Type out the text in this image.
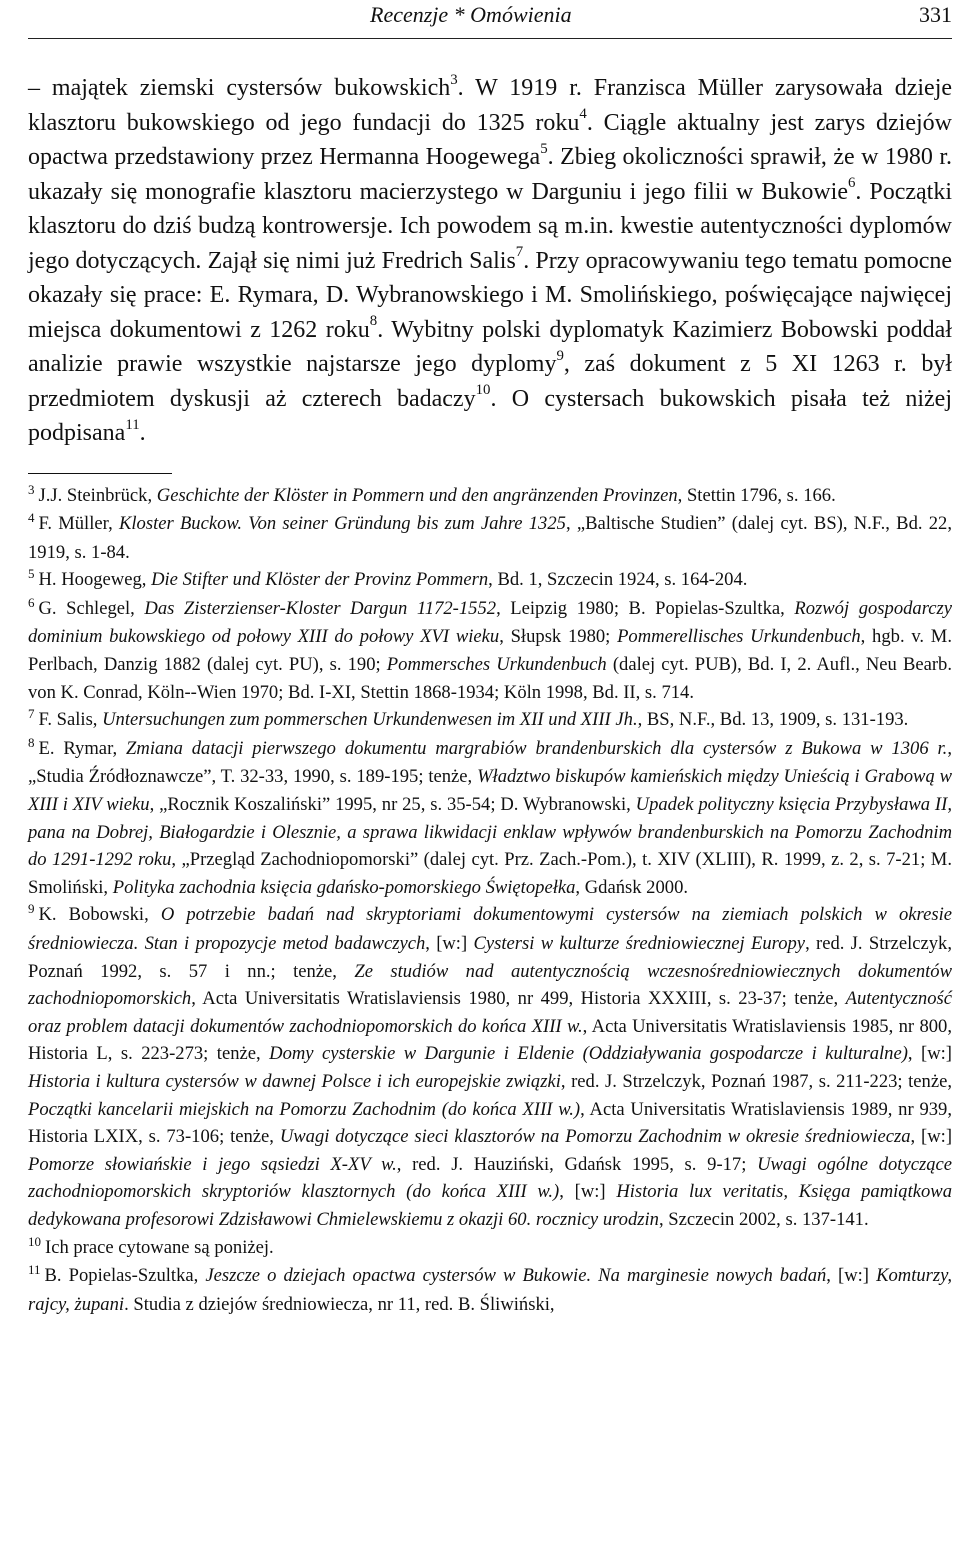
Recenzje * Omówienia	331

– majątek ziemski cystersów bukowskich$^3$. W 1919 r. Franzisca Müller zarysowała dzieje klasztoru bukowskiego od jego fundacji do 1325 roku$^4$. Ciągle aktualny jest zarys dziejów opactwa przedstawiony przez Hermanna Hoogewega$^5$. Zbieg okoliczności sprawił, że w 1980 r. ukazały się monografie klasztoru macierzystego w Darguniu i jego filii w Bukowie$^6$. Początki klasztoru do dziś budzą kontrowersje. Ich powodem są m.in. kwestie autentyczności dyplomów jego dotyczących. Zajął się nimi już Fredrich Salis$^7$. Przy opracowywaniu tego tematu pomocne okazały się prace: E. Rymara, D. Wybranowskiego i M. Smolińskiego, poświęcające najwięcej miejsca dokumentowi z 1262 roku$^8$. Wybitny polski dyplomatyk Kazimierz Bobowski poddał analizie prawie wszystkie najstarsze jego dyplomy$^9$, zaś dokument z 5 XI 1263 r. był przedmiotem dyskusji aż czterech badaczy$^{10}$. O cystersach bukowskich pisała też niżej podpisana$^{11}$.

$^3$ J.J. Steinbrück, Geschichte der Klöster in Pommern und den angränzenden Provinzen, Stettin 1796, s. 166.
$^4$ F. Müller, Kloster Buckow. Von seiner Gründung bis zum Jahre 1325, „Baltische Studien” (dalej cyt. BS), N.F., Bd. 22, 1919, s. 1-84.
$^5$ H. Hoogeweg, Die Stifter und Klöster der Provinz Pommern, Bd. 1, Szczecin 1924, s. 164-204.
$^6$ G. Schlegel, Das Zisterzienser-Kloster Dargun 1172-1552, Leipzig 1980; B. Popielas-Szultka, Rozwój gospodarczy dominium bukowskiego od połowy XIII do połowy XVI wieku, Słupsk 1980; Pommerellisches Urkundenbuch, hgb. v. M. Perlbach, Danzig 1882 (dalej cyt. PU), s. 190; Pommersches Urkundenbuch (dalej cyt. PUB), Bd. I, 2. Aufl., Neu Bearb. von K. Conrad, Köln--Wien 1970; Bd. I-XI, Stettin 1868-1934; Köln 1998, Bd. II, s. 714.
$^7$ F. Salis, Untersuchungen zum pommerschen Urkundenwesen im XII und XIII Jh., BS, N.F., Bd. 13, 1909, s. 131-193.
$^8$ E. Rymar, Zmiana datacji pierwszego dokumentu margrabiów brandenburskich dla cystersów z Bukowa w 1306 r., „Studia Źródłoznawcze”, T. 32-33, 1990, s. 189-195; tenże, Władztwo biskupów kamieńskich między Unieścią i Grabową w XIII i XIV wieku, „Rocznik Koszaliński” 1995, nr 25, s. 35-54; D. Wybranowski, Upadek polityczny księcia Przybysława II, pana na Dobrej, Białogardzie i Olesznie, a sprawa likwidacji enklaw wpływów brandenburskich na Pomorzu Zachodnim do 1291-1292 roku, „Przegląd Zachodniopomorski” (dalej cyt. Prz. Zach.-Pom.), t. XIV (XLIII), R. 1999, z. 2, s. 7-21; M. Smoliński, Polityka zachodnia księcia gdańsko-pomorskiego Świętopełka, Gdańsk 2000.
$^9$ K. Bobowski, O potrzebie badań nad skryptoriami dokumentowymi cystersów na ziemiach polskich w okresie średniowiecza. Stan i propozycje metod badawczych, [w:] Cystersi w kulturze średniowiecznej Europy, red. J. Strzelczyk, Poznań 1992, s. 57 i nn.; tenże, Ze studiów nad autentycznością wczesnośredniowiecznych dokumentów zachodniopomorskich, Acta Universitatis Wratislaviensis 1980, nr 499, Historia XXXIII, s. 23-37; tenże, Autentyczność oraz problem datacji dokumentów zachodniopomorskich do końca XIII w., Acta Universitatis Wratislaviensis 1985, nr 800, Historia L, s. 223-273; tenże, Domy cysterskie w Dargunie i Eldenie (Oddziaływania gospodarcze i kulturalne), [w:] Historia i kultura cystersów w dawnej Polsce i ich europejskie związki, red. J. Strzelczyk, Poznań 1987, s. 211-223; tenże, Początki kancelarii miejskich na Pomorzu Zachodnim (do końca XIII w.), Acta Universitatis Wratislaviensis 1989, nr 939, Historia LXIX, s. 73-106; tenże, Uwagi dotyczące sieci klasztorów na Pomorzu Zachodnim w okresie średniowiecza, [w:] Pomorze słowiańskie i jego sąsiedzi X-XV w., red. J. Hauziński, Gdańsk 1995, s. 9-17; Uwagi ogólne dotyczące zachodniopomorskich skryptoriów klasztornych (do końca XIII w.), [w:] Historia lux veritatis, Księga pamiątkowa dedykowana profesorowi Zdzisławowi Chmielewskiemu z okazji 60. rocznicy urodzin, Szczecin 2002, s. 137-141.
$^{10}$ Ich prace cytowane są poniżej.
$^{11}$ B. Popielas-Szultka, Jeszcze o dziejach opactwa cystersów w Bukowie. Na marginesie nowych badań, [w:] Komturzy, rajcy, żupani. Studia z dziejów średniowiecza, nr 11, red. B. Śliwiński,
